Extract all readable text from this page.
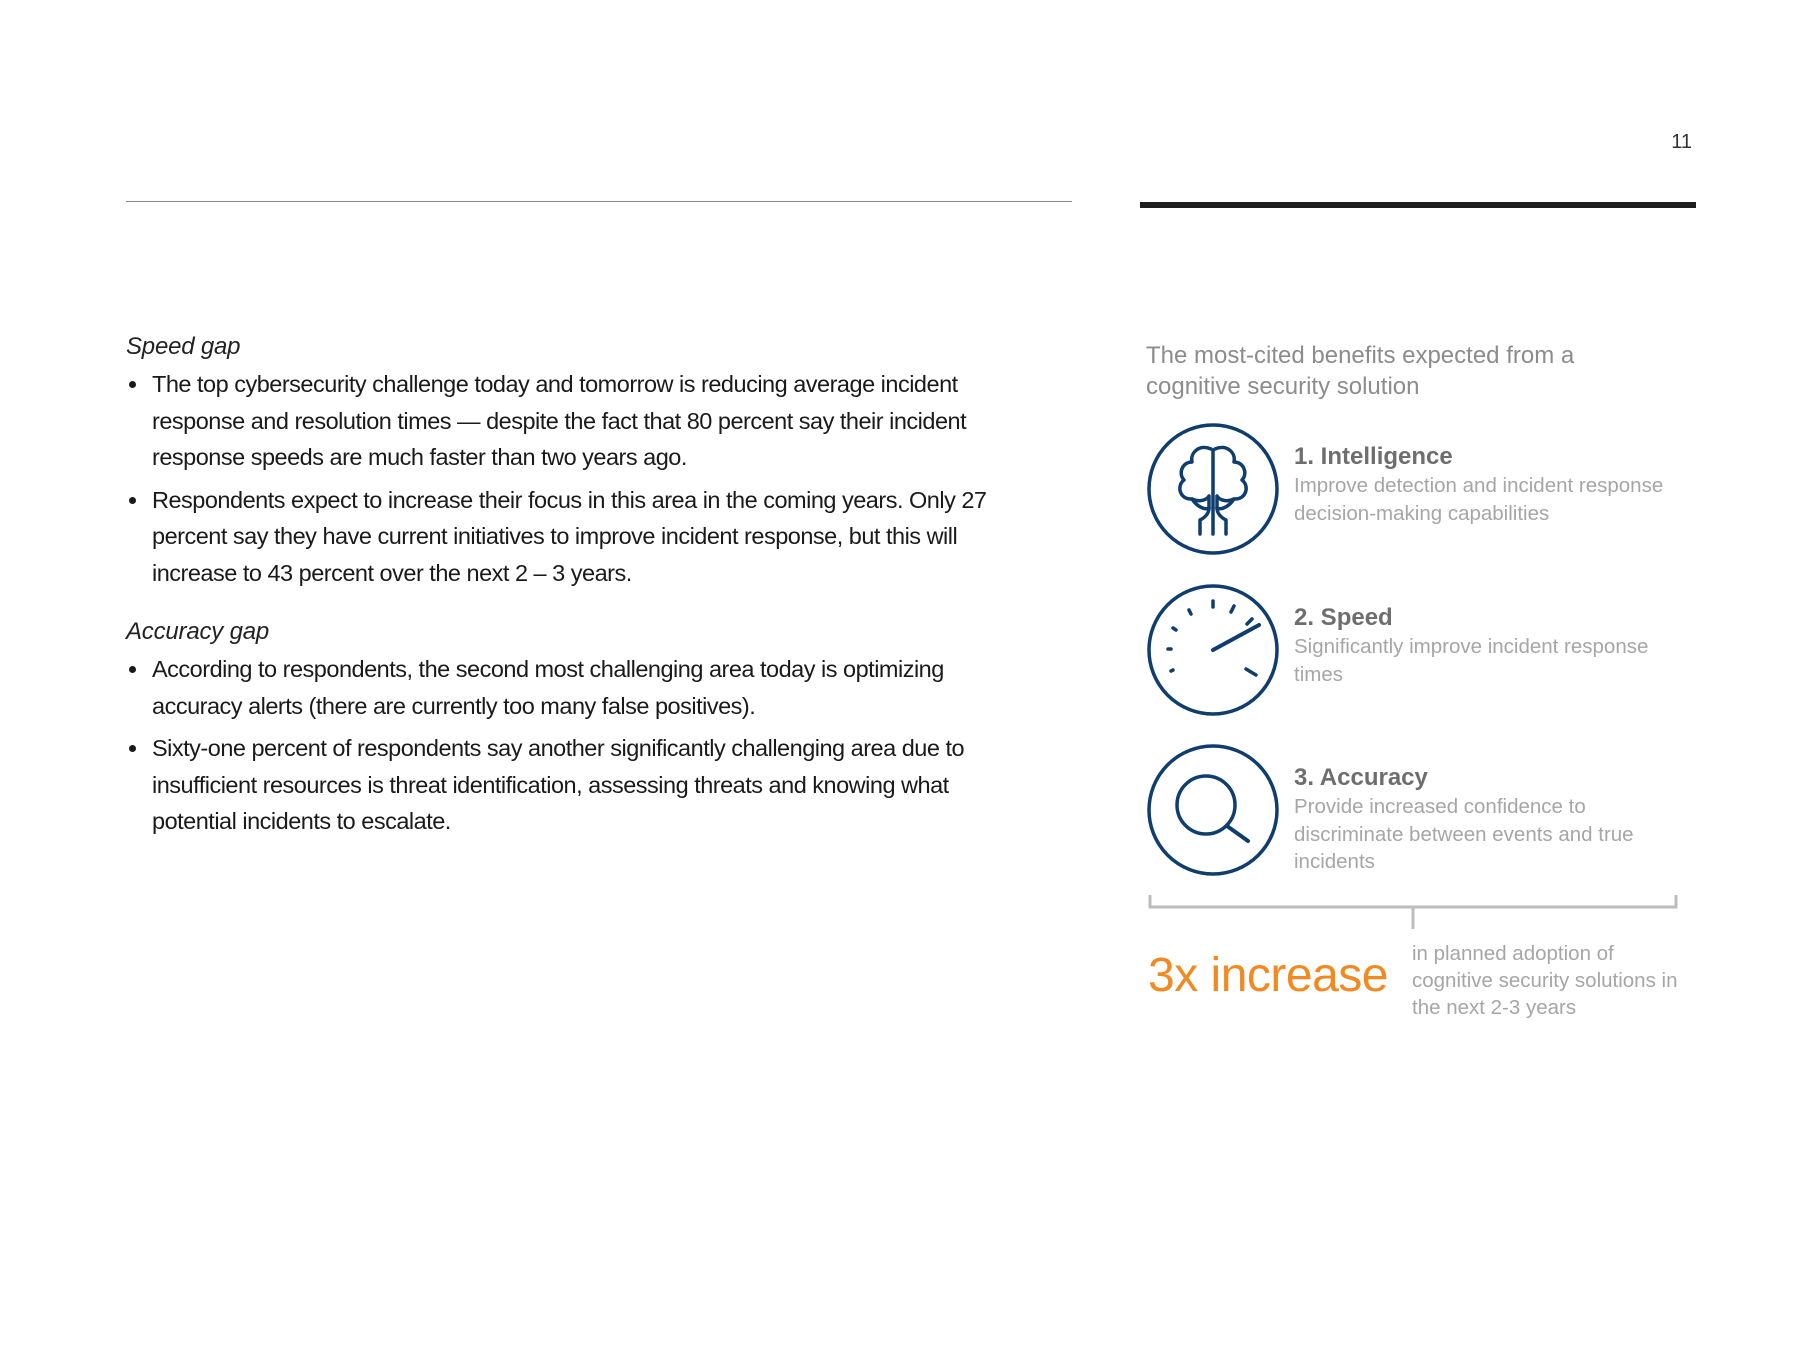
11
Speed gap
The top cybersecurity challenge today and tomorrow is reducing average incident response and resolution times — despite the fact that 80 percent say their incident response speeds are much faster than two years ago.
Respondents expect to increase their focus in this area in the coming years. Only 27 percent say they have current initiatives to improve incident response, but this will increase to 43 percent over the next 2 – 3 years.
Accuracy gap
According to respondents, the second most challenging area today is optimizing accuracy alerts (there are currently too many false positives).
Sixty-one percent of respondents say another significantly challenging area due to insufficient resources is threat identification, assessing threats and knowing what potential incidents to escalate.
The most-cited benefits expected from a cognitive security solution
1. Intelligence
Improve detection and incident response decision-making capabilities
2. Speed
Significantly improve incident response times
3. Accuracy
Provide increased confidence to discriminate between events and true incidents
3x increase in planned adoption of cognitive security solutions in the next 2-3 years
